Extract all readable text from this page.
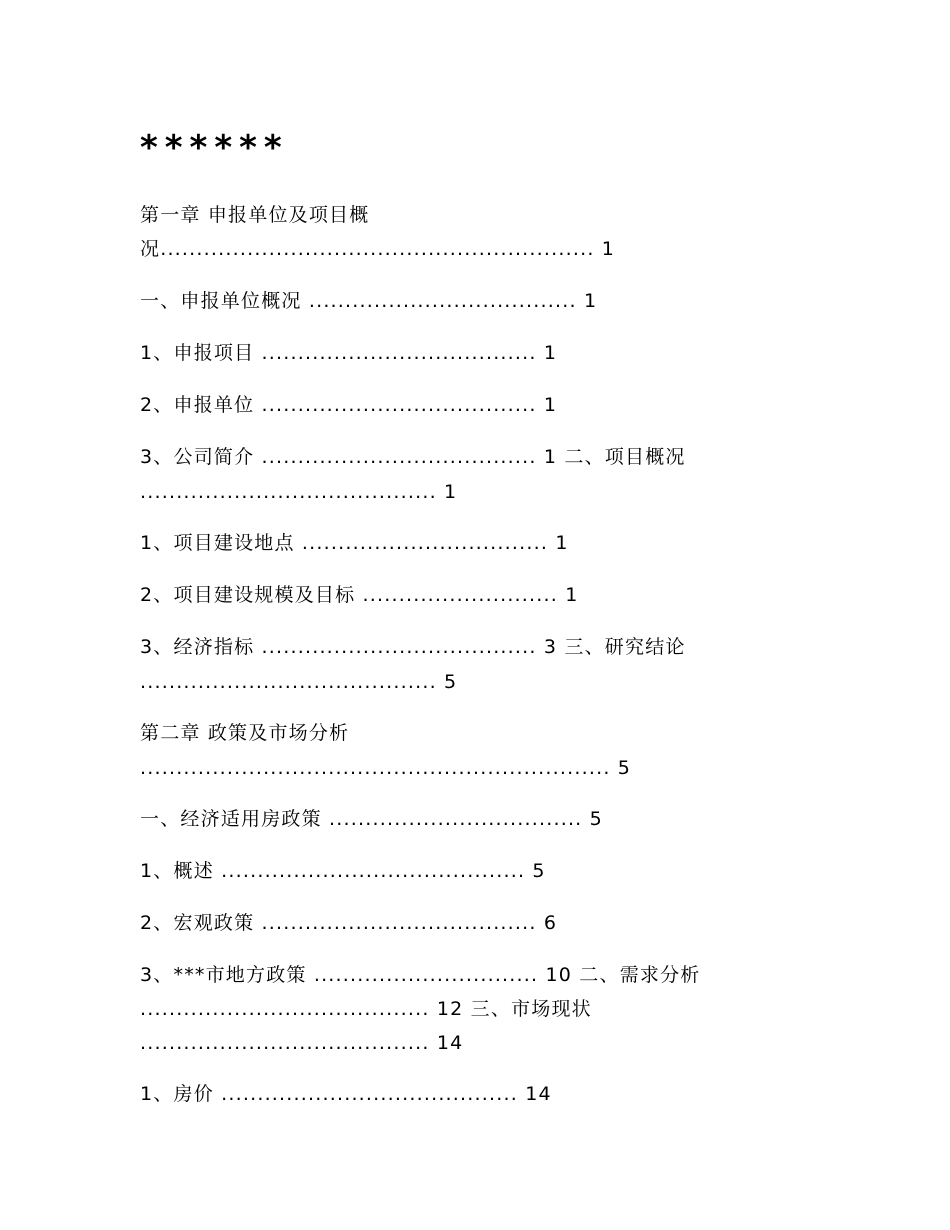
******
第一章 申报单位及项目概
况............................................................ 1
一、申报单位概况 ..................................... 1
1、申报项目 ...................................... 1
2、申报单位 ...................................... 1
3、公司简介 ...................................... 1 二、项目概况
......................................... 1
1、项目建设地点 .................................. 1
2、项目建设规模及目标 ........................... 1
3、经济指标 ...................................... 3 三、研究结论
......................................... 5
第二章 政策及市场分析
................................................................. 5
一、经济适用房政策 ................................... 5
1、概述 .......................................... 5
2、宏观政策 ...................................... 6
3、***市地方政策 ............................... 10 二、需求分析
........................................ 12 三、市场现状
........................................ 14
1、房价 ......................................... 14
